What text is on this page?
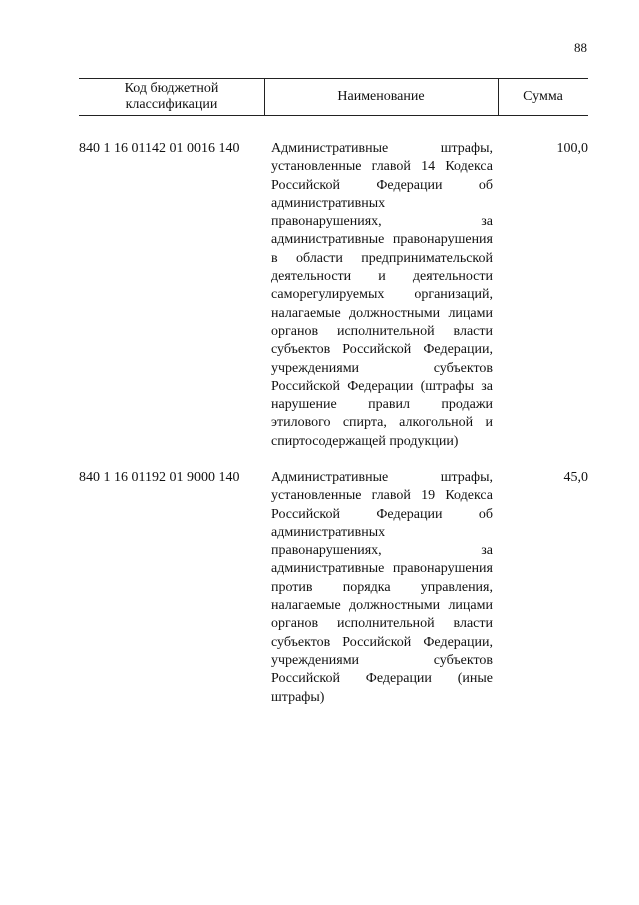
88
Код бюджетной классификации
Наименование	Сумма
840 1 16 01142 01 0016 140 Административные штрафы, установленные главой 14 Кодекса Российской Федерации об административных правонарушениях, за административные правонарушения в области предпринимательской деятельности и деятельности саморегулируемых организаций, налагаемые должностными лицами органов исполнительной власти субъектов Российской Федерации, учреждениями субъектов Российской Федерации (штрафы за нарушение правил продажи этилового спирта, алкогольной и спиртосодержащей продукции)
100,0
840 1 16 01192 01 9000 140 Административные штрафы, установленные главой 19 Кодекса Российской Федерации об административных правонарушениях, за административные правонарушения против порядка управления, налагаемые должностными лицами органов исполнительной власти субъектов Российской Федерации, учреждениями субъектов Российской Федерации (иные штрафы)
45,0
